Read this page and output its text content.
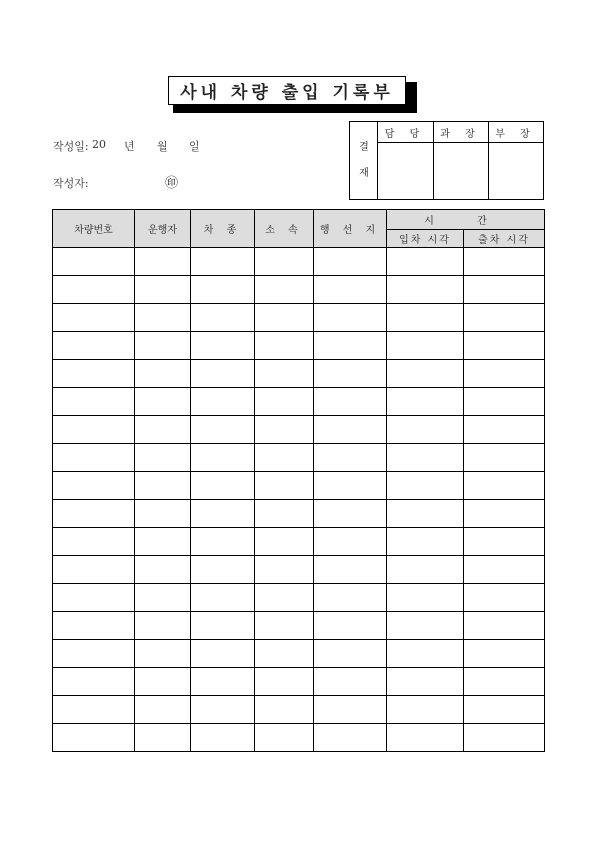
사내 차량 출입 기록부
작성일: 20 년 월 일
작성자:	㊞
결
재
담 당	과 장	부 장
차량번호	운행자	차 종	소 속	행 선 지	시 간	
					입차 시각	출차 시각
